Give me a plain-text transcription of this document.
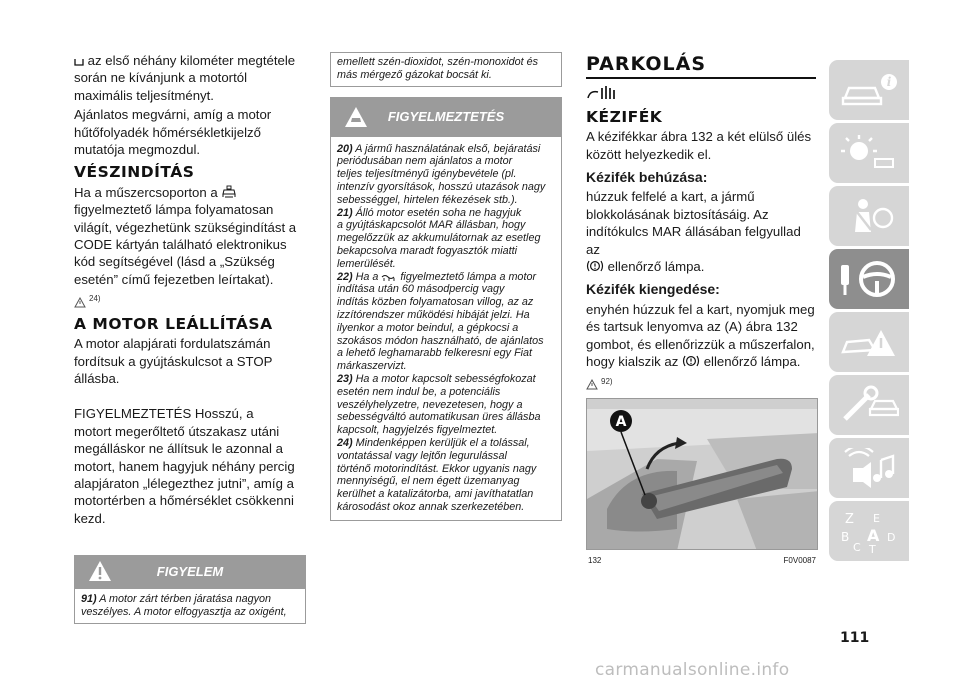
az első néhány kilométer megtétele
során ne kívánjunk a motortól
maximális teljesítményt.

Ajánlatos megvárni, amíg a motor
hűtőfolyadék hőmérsékletkijelző
mutatója megmozdul.

VÉSZINDÍTÁS

Ha a műszercsoporton a
figyelmeztető lámpa folyamatosan
világít, végezhetünk szükségindítást a
CODE kártyán található elektronikus
kód segítségével (lásd a „Szükség
esetén” című fejezetben leírtakat).

24)
A MOTOR LEÁLLÍTÁSA

A motor alapjárati fordulatszámán
fordítsuk a gyújtáskulcsot a STOP
állásba.

FIGYELMEZTETÉS Hosszú, a
motort megerőltető útszakasz utáni
megálláskor ne állítsuk le azonnal a
motort, hanem hagyjuk néhány percig
alapjáraton „lélegezthez jutni”, amíg a
motortérben a hőmérséklet csökkenni
kezd.

FIGYELEM

91) A motor zárt térben járatása nagyon
veszélyes. A motor elfogyasztja az oxigént,

emellett szén-dioxidot, szén-monoxidot és
más mérgező gázokat bocsát ki.
FIGYELMEZTETÉS

20) A jármű használatának első, bejáratási
periódusában nem ajánlatos a motor
teljes teljesítményű igénybevétele (pl.
intenzív gyorsítások, hosszú utazások nagy
sebességgel, hirtelen fékezések stb.).

21) Álló motor esetén soha ne hagyjuk
a gyújtáskapcsolót MAR állásban, hogy
megelőzzük az akkumulátornak az esetleg
bekapcsolva maradt fogyasztók miatti
lemerülését.

22) Ha a  figyelmeztető lámpa a motor
indítása után 60 másodpercig vagy
indítás közben folyamatosan villog, az az
izzítórendszer működési hibáját jelzi. Ha
ilyenkor a motor beindul, a gépkocsi a
szokásos módon használható, de ajánlatos
a lehető leghamarabb felkeresni egy Fiat
márkaszervizt.

23) Ha a motor kapcsolt sebességfokozat
esetén nem indul be, a potenciális
veszélyhelyzetre, nevezetesen, hogy a
sebességváltó automatikusan üres állásba
kapcsolt, hagyjelzés figyelmeztet.

24) Mindenképpen kerüljük el a tolással,
vontatással vagy lejtőn legurulással
történő motorindítást. Ekkor ugyanis nagy
mennyiségű, el nem égett üzemanyag
kerülhet a katalizátorba, ami javíthatatlan
károsodást okoz annak szerkezetében.

PARKOLÁS
KÉZIFÉK

A kézifékkar ábra 132 a két elülső ülés
között helyezkedik el.

Kézifék behúzása:

húzzuk felfelé a kart, a jármű
blokkolásának biztosításáig. Az
indítókulcs MAR állásában felgyullad az
ellenőrző lámpa.

Kézifék kiengedése:

enyhén húzzuk fel a kart, nyomjuk meg
és tartsuk lenyomva az (A) ábra 132
gombot, és ellenőrizzük a műszerfalon,
hogy kialszik az  ellenőrző lámpa.

92)
A
132	F0V0087
i
Z E
B A D
C T
111
carmanualsonline.info
